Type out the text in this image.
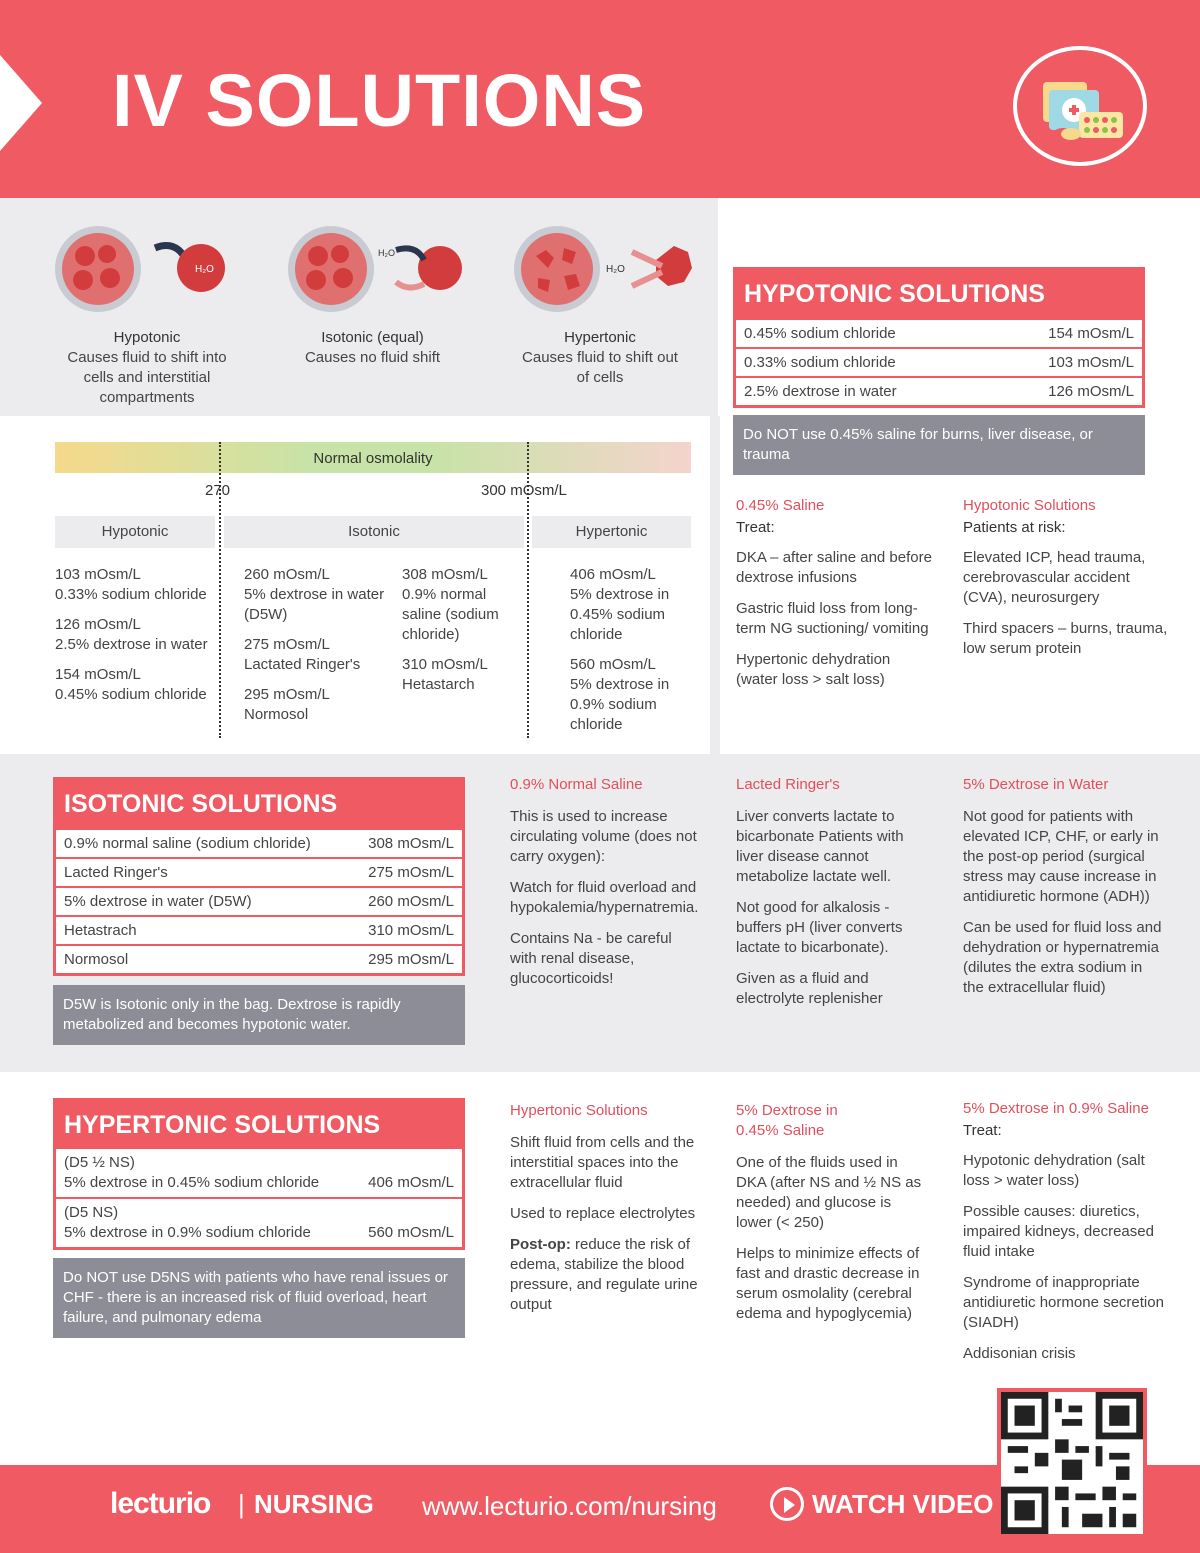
IV SOLUTIONS
H₂O
H₂O
H₂O
Hypotonic
Causes fluid to shift into cells and interstitial compartments
Isotonic (equal)
Causes no fluid shift
Hypertonic
Causes fluid to shift out of cells
Normal osmolality
270	300 mOsm/L
Hypotonic	Isotonic	Hypertonic

103 mOsm/L
0.33% sodium chloride

126 mOsm/L
2.5% dextrose in water

154 mOsm/L
0.45% sodium chloride

260 mOsm/L
5% dextrose in water (D5W)

275 mOsm/L
Lactated Ringer's

295 mOsm/L
Normosol

308 mOsm/L
0.9% normal saline (sodium chloride)

310 mOsm/L
Hetastarch

406 mOsm/L
5% dextrose in 0.45% sodium chloride

560 mOsm/L
5% dextrose in 0.9% sodium chloride

HYPOTONIC SOLUTIONS
0.45% sodium chloride	154 mOsm/L
0.33% sodium chloride	103 mOsm/L
2.5% dextrose in water	126 mOsm/L
Do NOT use 0.45% saline for burns, liver disease, or trauma
0.45% Saline
Treat:

DKA – after saline and before dextrose infusions

Gastric fluid loss from long-term NG suctioning/ vomiting

Hypertonic dehydration (water loss > salt loss)

Hypotonic Solutions
Patients at risk:

Elevated ICP, head trauma, cerebrovascular accident (CVA), neurosurgery

Third spacers – burns, trauma, low serum protein

ISOTONIC SOLUTIONS
0.9% normal saline (sodium chloride)	308 mOsm/L
Lacted Ringer's	275 mOsm/L
5% dextrose in water (D5W)	260 mOsm/L
Hetastrach	310 mOsm/L
Normosol	295 mOsm/L
D5W is Isotonic only in the bag. Dextrose is rapidly metabolized and becomes hypotonic water.
0.9% Normal Saline

This is used to increase circulating volume (does not carry oxygen):

Watch for fluid overload and hypokalemia/hypernatremia.

Contains Na - be careful with renal disease, glucocorticoids!

Lacted Ringer's

Liver converts lactate to bicarbonate Patients with liver disease cannot metabolize lactate well.

Not good for alkalosis - buffers pH (liver converts lactate to bicarbonate).

Given as a fluid and electrolyte replenisher

5% Dextrose in Water

Not good for patients with elevated ICP, CHF, or early in the post-op period (surgical stress may cause increase in antidiuretic hormone (ADH))

Can be used for fluid loss and dehydration or hypernatremia (dilutes the extra sodium in the extracellular fluid)

HYPERTONIC SOLUTIONS
(D5 ½ NS)
5% dextrose in 0.45% sodium chloride	406 mOsm/L
(D5 NS)
5% dextrose in 0.9% sodium chloride	560 mOsm/L
Do NOT use D5NS with patients who have renal issues or CHF - there is an increased risk of fluid overload, heart failure, and pulmonary edema
Hypertonic Solutions

Shift fluid from cells and the interstitial spaces into the extracellular fluid

Used to replace electrolytes

Post-op: reduce the risk of edema, stabilize the blood pressure, and regulate urine output

5% Dextrose in 0.45% Saline

One of the fluids used in DKA (after NS and ½ NS as needed) and glucose is lower (< 250)

Helps to minimize effects of fast and drastic decrease in serum osmolality (cerebral edema and hypoglycemia)

5% Dextrose in 0.9% Saline
Treat:

Hypotonic dehydration (salt loss > water loss)

Possible causes: diuretics, impaired kidneys, decreased fluid intake

Syndrome of inappropriate antidiuretic hormone secretion (SIADH)

Addisonian crisis

lecturio | NURSING www.lecturio.com/nursing	WATCH VIDEO
